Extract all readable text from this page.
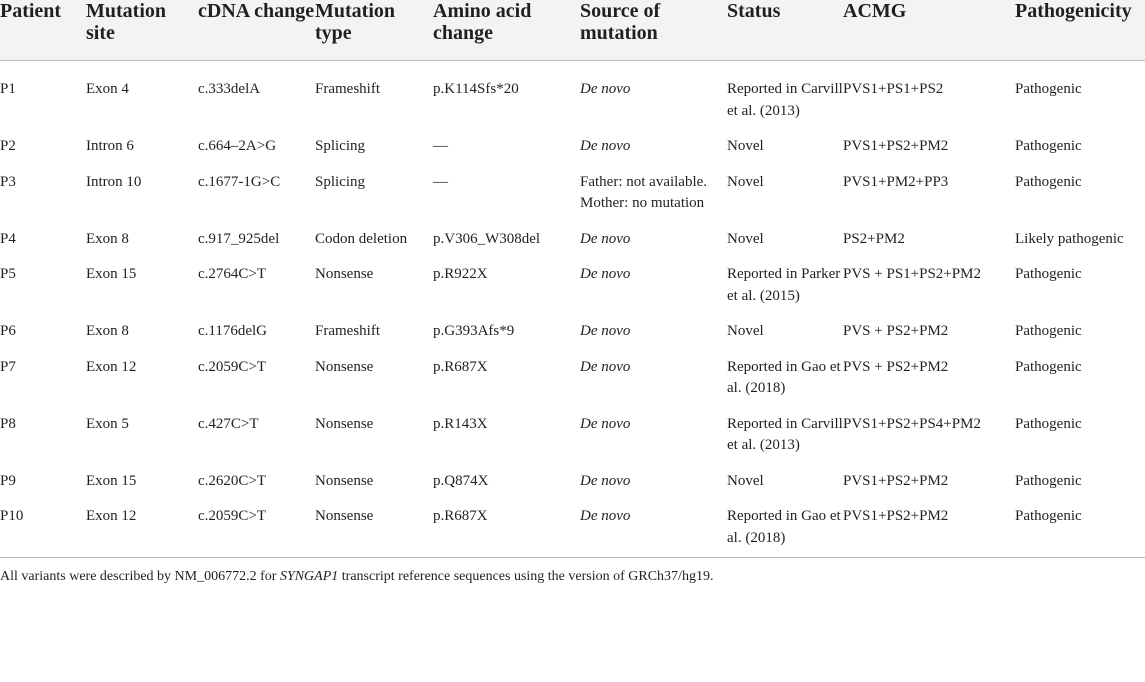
Patient	Mutation site	cDNA change	Mutation type	Amino acid change	Source of mutation	Status	ACMG	Pathogenicity

P1	Exon 4	c.333delA	Frameshift	p.K114Sfs*20	De novo	Reported in Carvill et al. (2013)	PVS1+PS1+PS2	Pathogenic

P2	Intron 6	c.664–2A>G	Splicing	—	De novo	Novel	PVS1+PS2+PM2	Pathogenic

P3	Intron 10	c.1677-1G>C	Splicing	—	Father: not available. Mother: no mutation	Novel	PVS1+PM2+PP3	Pathogenic

P4	Exon 8	c.917_925del	Codon deletion	p.V306_W308del	De novo	Novel	PS2+PM2	Likely pathogenic

P5	Exon 15	c.2764C>T	Nonsense	p.R922X	De novo	Reported in Parker et al. (2015)	PVS + PS1+PS2+PM2	Pathogenic

P6	Exon 8	c.1176delG	Frameshift	p.G393Afs*9	De novo	Novel	PVS + PS2+PM2	Pathogenic

P7	Exon 12	c.2059C>T	Nonsense	p.R687X	De novo	Reported in Gao et al. (2018)	PVS + PS2+PM2	Pathogenic

P8	Exon 5	c.427C>T	Nonsense	p.R143X	De novo	Reported in Carvill et al. (2013)	PVS1+PS2+PS4+PM2	Pathogenic

P9	Exon 15	c.2620C>T	Nonsense	p.Q874X	De novo	Novel	PVS1+PS2+PM2	Pathogenic

P10	Exon 12	c.2059C>T	Nonsense	p.R687X	De novo	Reported in Gao et al. (2018)	PVS1+PS2+PM2	Pathogenic
All variants were described by NM_006772.2 for SYNGAP1 transcript reference sequences using the version of GRCh37/hg19.
